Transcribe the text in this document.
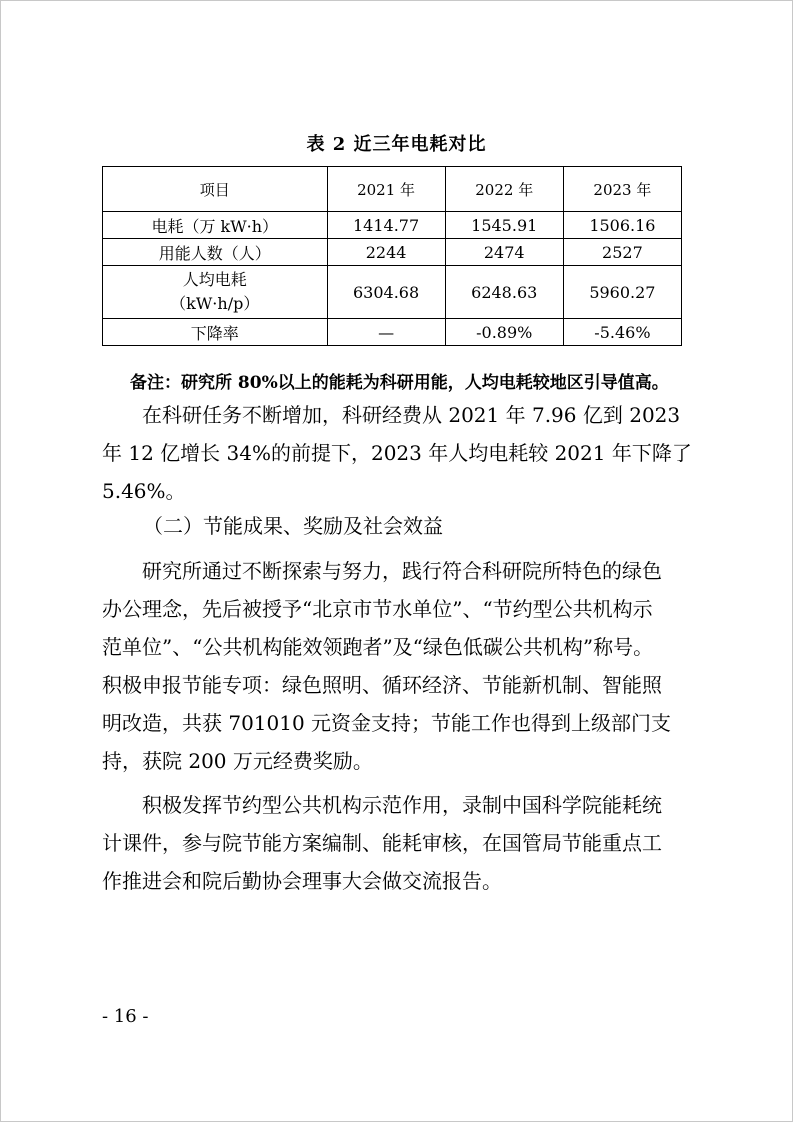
表 2 近三年电耗对比
项目	2021 年	2022 年	2023 年
电耗（万 kW·h）	1414.77	1545.91	1506.16
用能人数（人）	2244	2474	2527

人均电耗
（kW·h/p）	6304.68	6248.63	5960.27
下降率	—	-0.89%	-5.46%
备注：研究所 80%以上的能耗为科研用能，人均电耗较地区引导值高。
　　在科研任务不断增加，科研经费从 2021 年 7.96 亿到 2023
年 12 亿增长 34%的前提下，2023 年人均电耗较 2021 年下降了
5.46%。
（二）节能成果、奖励及社会效益
　　研究所通过不断探索与努力，践行符合科研院所特色的绿色
办公理念，先后被授予“北京市节水单位”、“节约型公共机构示
范单位”、“公共机构能效领跑者”及“绿色低碳公共机构”称号。
积极申报节能专项：绿色照明、循环经济、节能新机制、智能照
明改造，共获 701010 元资金支持；节能工作也得到上级部门支
持，获院 200 万元经费奖励。
　　积极发挥节约型公共机构示范作用，录制中国科学院能耗统
计课件，参与院节能方案编制、能耗审核，在国管局节能重点工
作推进会和院后勤协会理事大会做交流报告。
- 16 -
